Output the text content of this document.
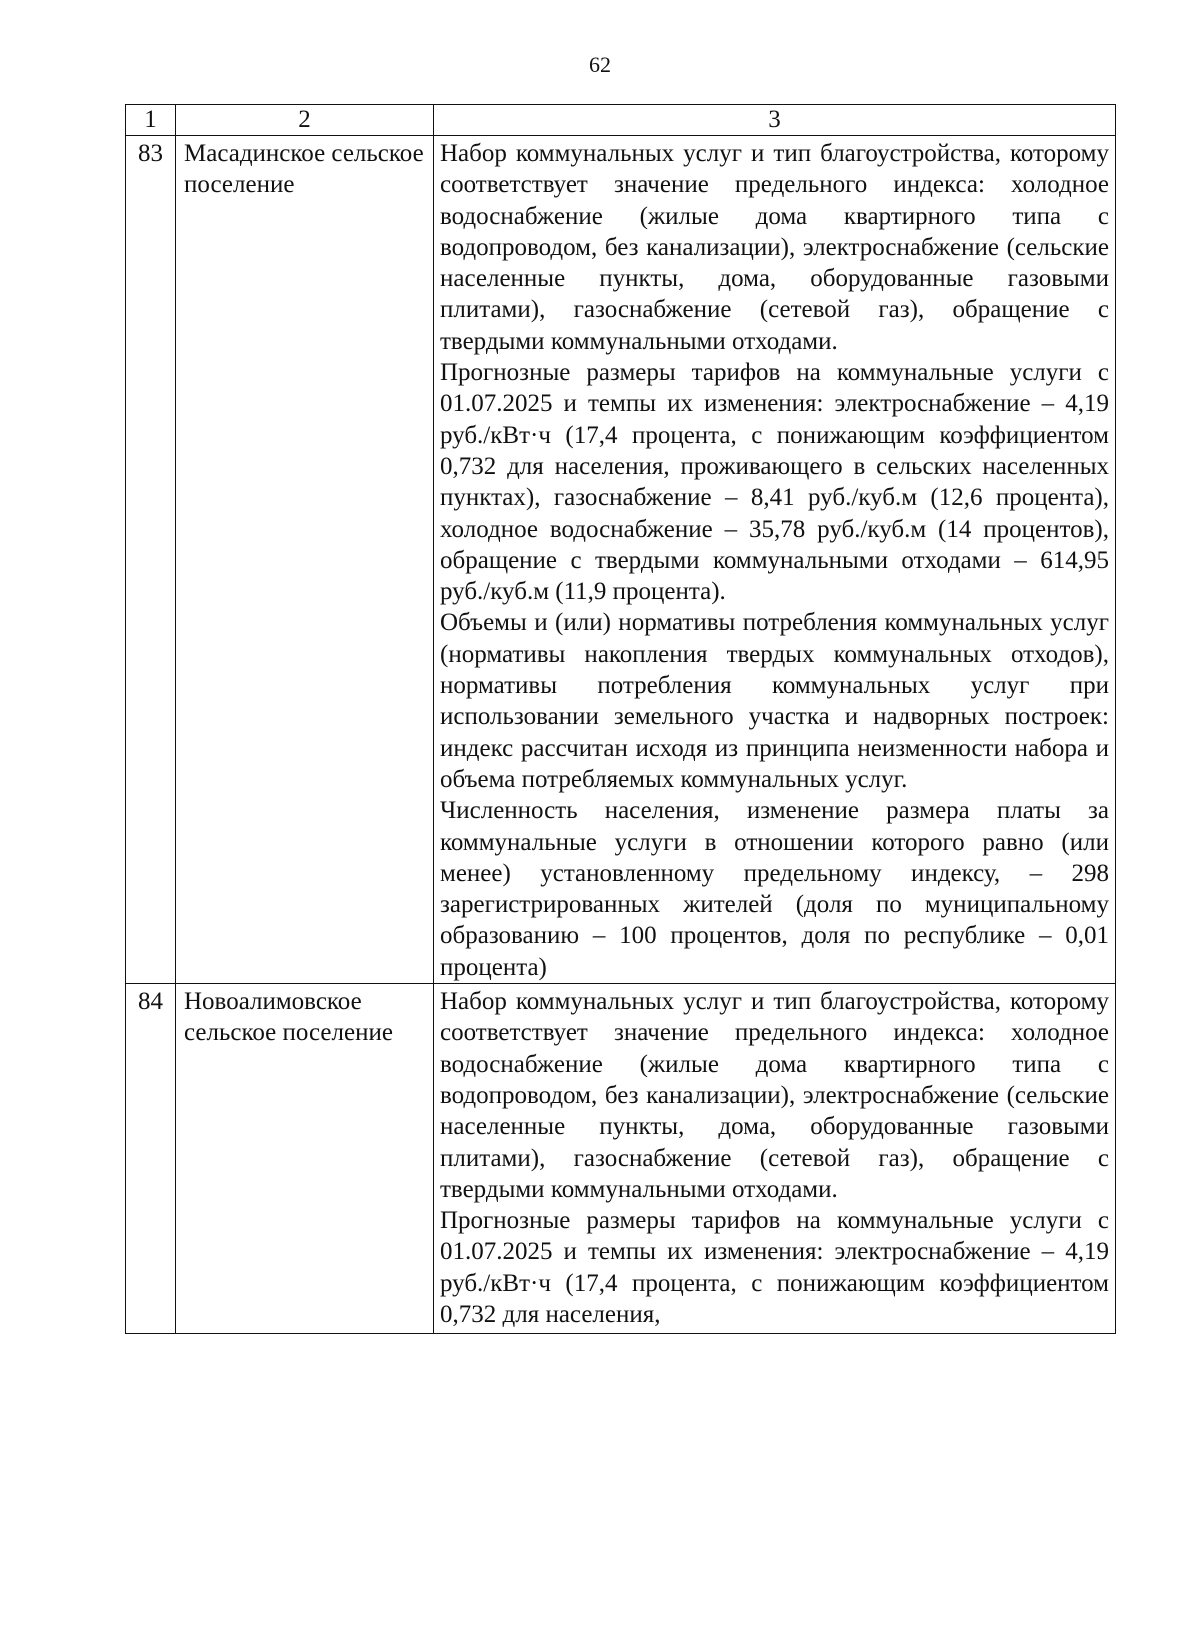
62
1	2	3
83	Масадинское сельское поселение	Набор коммунальных услуг и тип благоустройства, которому соответствует значение предельного индекса: холодное водоснабжение (жилые дома квартирного типа с водопроводом, без канализации), электроснабжение (сельские населенные пункты, дома, оборудованные газовыми плитами), газоснабжение (сетевой газ), обращение с твердыми коммунальными отходами.

Прогнозные размеры тарифов на коммунальные услуги с 01.07.2025 и темпы их изменения: электроснабжение – 4,19 руб./кВт·ч (17,4 процента, с понижающим коэффициентом 0,732 для населения, проживающего в сельских населенных пунктах), газоснабжение – 8,41 руб./куб.м (12,6 процента), холодное водоснабжение – 35,78 руб./куб.м (14 процентов), обращение с твердыми коммунальными отходами – 614,95 руб./куб.м (11,9 процента).

Объемы и (или) нормативы потребления коммунальных услуг (нормативы накопления твердых коммунальных отходов), нормативы потребления коммунальных услуг при использовании земельного участка и надворных построек: индекс рассчитан исходя из принципа неизменности набора и объема потребляемых коммунальных услуг.

Численность населения, изменение размера платы за коммунальные услуги в отношении которого равно (или менее) установленному предельному индексу, – 298 зарегистрированных жителей (доля по муниципальному образованию – 100 процентов, доля по республике – 0,01 процента)

84	Новоалимовское сельское поселение	Набор коммунальных услуг и тип благоустройства, которому соответствует значение предельного индекса: холодное водоснабжение (жилые дома квартирного типа с водопроводом, без канализации), электроснабжение (сельские населенные пункты, дома, оборудованные газовыми плитами), газоснабжение (сетевой газ), обращение с твердыми коммунальными отходами.

Прогнозные размеры тарифов на коммунальные услуги с 01.07.2025 и темпы их изменения: электроснабжение – 4,19 руб./кВт·ч (17,4 процента, с понижающим коэффициентом 0,732 для населения,
